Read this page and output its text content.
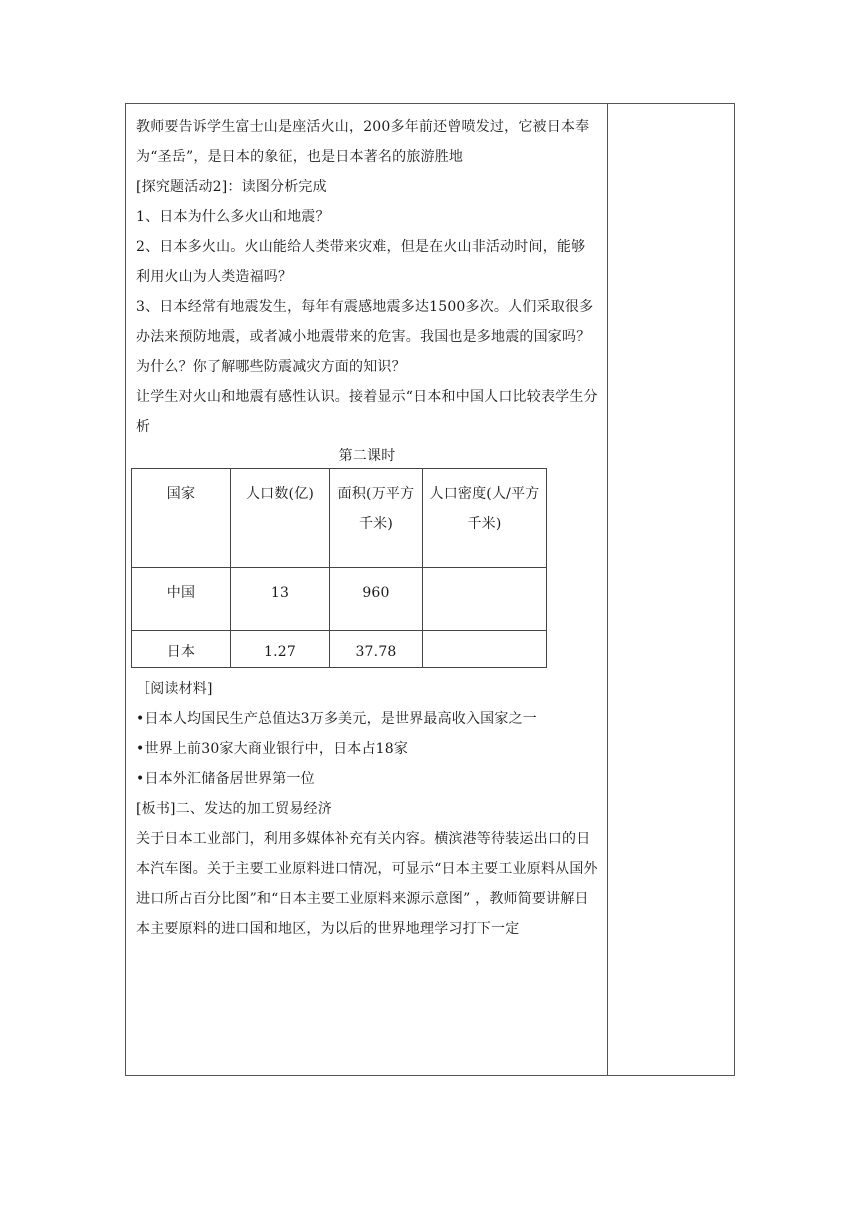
教师要告诉学生富士山是座活火山，200多年前还曾喷发过，它被日本奉为“圣岳”，是日本的象征，也是日本著名的旅游胜地

[探究题活动2]：读图分析完成

1、日本为什么多火山和地震？

2、日本多火山。火山能给人类带来灾难，但是在火山非活动时间，能够利用火山为人类造福吗？

3、日本经常有地震发生，每年有震感地震多达1500多次。人们采取很多办法来预防地震，或者减小地震带来的危害。我国也是多地震的国家吗？为什么？你了解哪些防震减灾方面的知识？

让学生对火山和地震有感性认识。接着显示“日本和中国人口比较表学生分析

第二课时

国家	人口数(亿)	面积(万平方千米)	人口密度(人/平方千米)
中国	13	960	
日本	1.27	37.78	

［阅读材料]

•日本人均国民生产总值达3万多美元，是世界最高收入国家之一

•世界上前30家大商业银行中，日本占18家

•日本外汇储备居世界第一位

[板书]二、发达的加工贸易经济

关于日本工业部门，利用多媒体补充有关内容。横滨港等待装运出口的日本汽车图。关于主要工业原料进口情况，可显示“日本主要工业原料从国外进口所占百分比图”和“日本主要工业原料来源示意图” ，教师简要讲解日本主要原料的进口国和地区，为以后的世界地理学习打下一定
